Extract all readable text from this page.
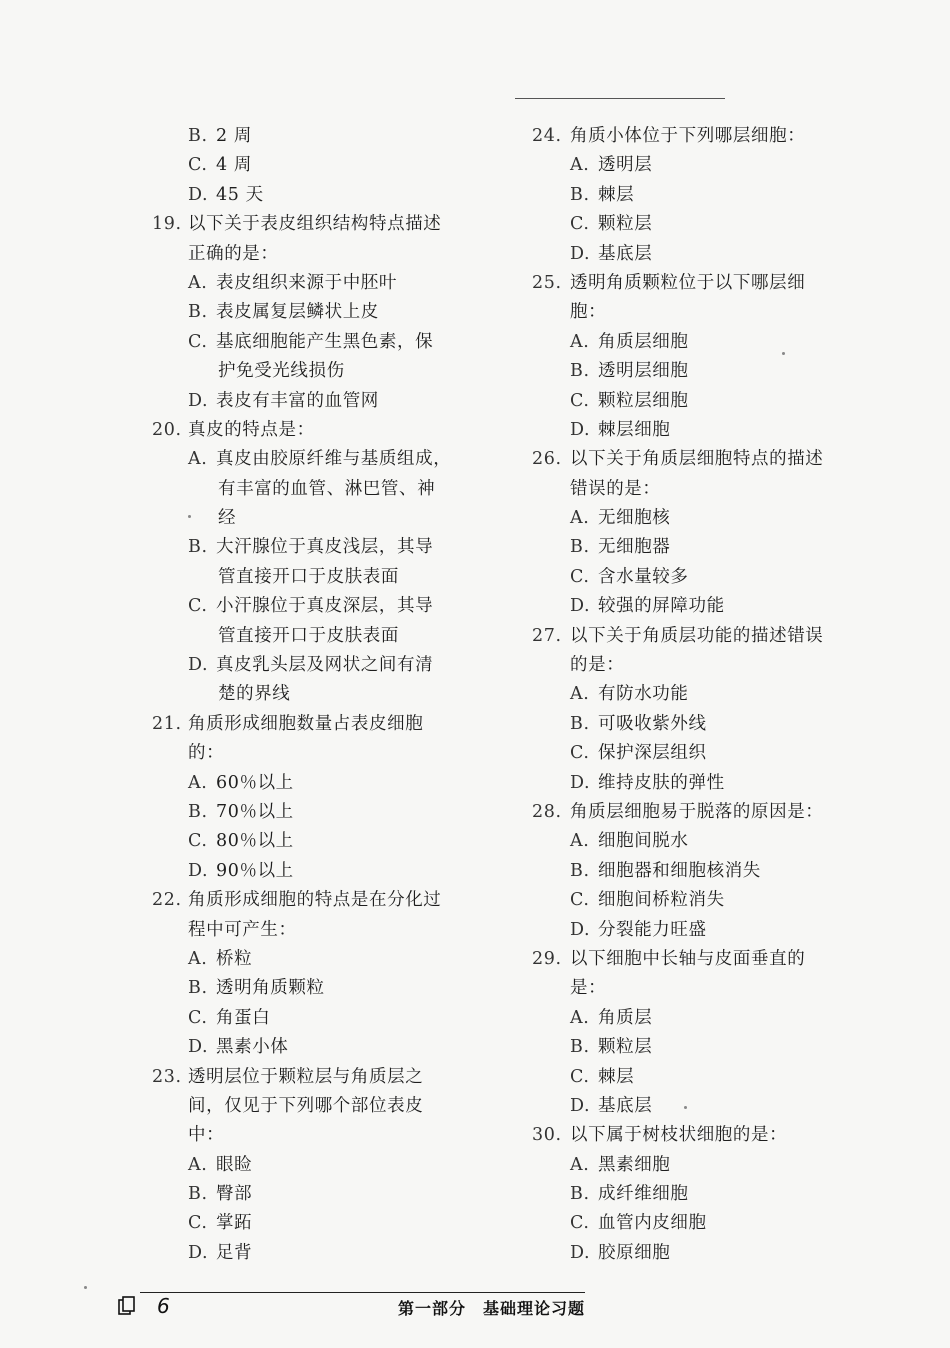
B. 2 周
C. 4 周
D. 45 天
19. 以下关于表皮组织结构特点描述
正确的是：
A. 表皮组织来源于中胚叶
B. 表皮属复层鳞状上皮
C. 基底细胞能产生黑色素，保
护免受光线损伤
D. 表皮有丰富的血管网
20. 真皮的特点是：
A. 真皮由胶原纤维与基质组成，
有丰富的血管、淋巴管、神
经
B. 大汗腺位于真皮浅层，其导
管直接开口于皮肤表面
C. 小汗腺位于真皮深层，其导
管直接开口于皮肤表面
D. 真皮乳头层及网状之间有清
楚的界线
21. 角质形成细胞数量占表皮细胞
的：
A. 60％以上
B. 70％以上
C. 80％以上
D. 90％以上
22. 角质形成细胞的特点是在分化过
程中可产生：
A. 桥粒
B. 透明角质颗粒
C. 角蛋白
D. 黑素小体
23. 透明层位于颗粒层与角质层之
间，仅见于下列哪个部位表皮
中：
A. 眼睑
B. 臀部
C. 掌跖
D. 足背
24. 角质小体位于下列哪层细胞：
A. 透明层
B. 棘层
C. 颗粒层
D. 基底层
25. 透明角质颗粒位于以下哪层细
胞：
A. 角质层细胞
B. 透明层细胞
C. 颗粒层细胞
D. 棘层细胞
26. 以下关于角质层细胞特点的描述
错误的是：
A. 无细胞核
B. 无细胞器
C. 含水量较多
D. 较强的屏障功能
27. 以下关于角质层功能的描述错误
的是：
A. 有防水功能
B. 可吸收紫外线
C. 保护深层组织
D. 维持皮肤的弹性
28. 角质层细胞易于脱落的原因是：
A. 细胞间脱水
B. 细胞器和细胞核消失
C. 细胞间桥粒消失
D. 分裂能力旺盛
29. 以下细胞中长轴与皮面垂直的
是：
A. 角质层
B. 颗粒层
C. 棘层
D. 基底层
30. 以下属于树枝状细胞的是：
A. 黑素细胞
B. 成纤维细胞
C. 血管内皮细胞
D. 胶原细胞
6	第一部分　基础理论习题
